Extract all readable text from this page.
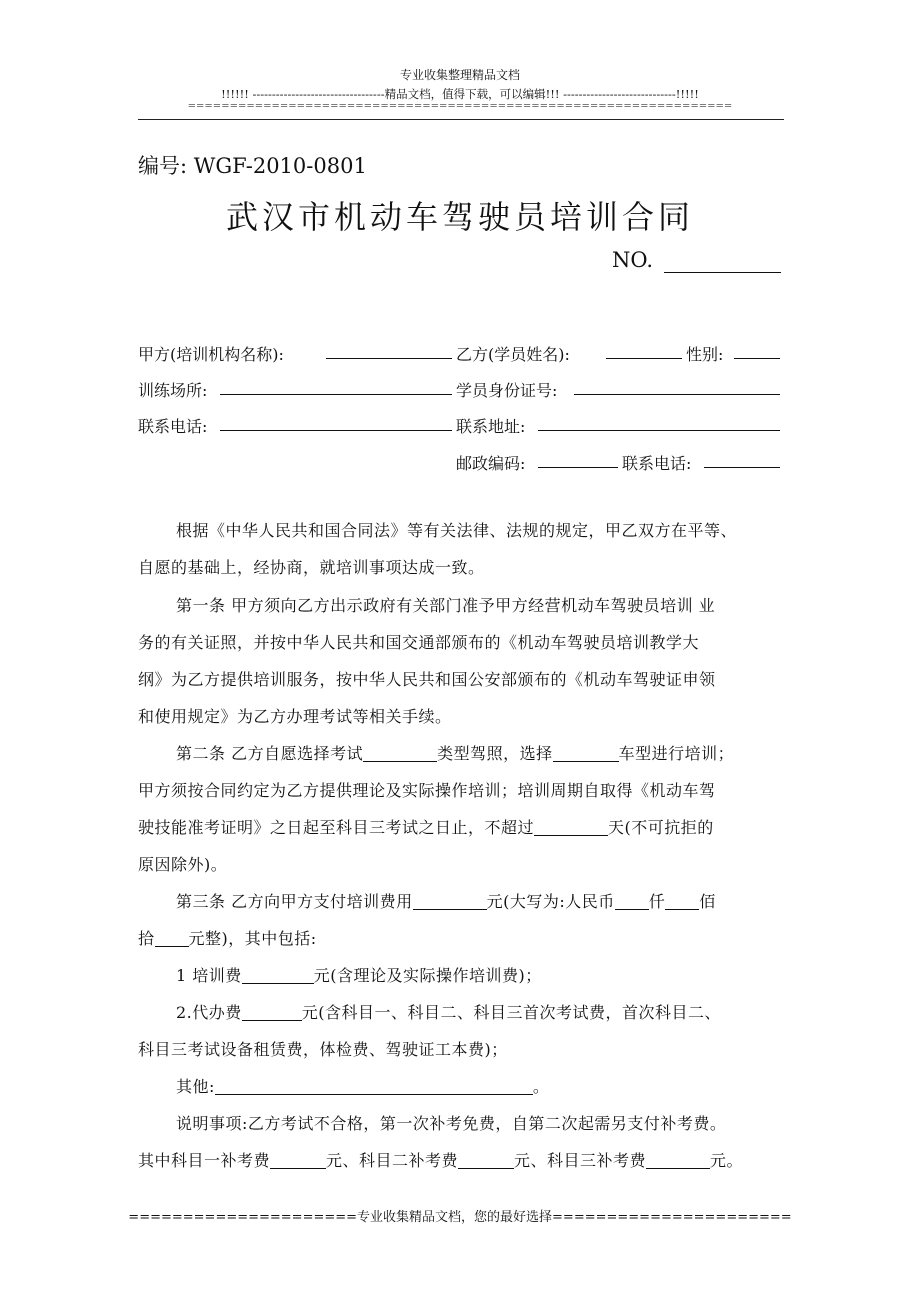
专业收集整理精品文档
!!!!!! ----------------------------------精品文档，值得下载，可以编辑!!! -----------------------------!!!!!
=================================================================
编号: WGF-2010-0801
武汉市机动车驾驶员培训合同
NO.
甲方(培训机构名称):	乙方(学员姓名):	性别:
训练场所:	学员身份证号:
联系电话:	联系地址:
邮政编码:	联系电话:
根据《中华人民共和国合同法》等有关法律、法规的规定，甲乙双方在平等、
自愿的基础上，经协商，就培训事项达成一致。
第一条 甲方须向乙方出示政府有关部门准予甲方经营机动车驾驶员培训 业
务的有关证照，并按中华人民共和国交通部颁布的《机动车驾驶员培训教学大
纲》为乙方提供培训服务，按中华人民共和国公安部颁布的《机动车驾驶证申领
和使用规定》为乙方办理考试等相关手续。
第二条 乙方自愿选择考试	类型驾照，选择	车型进行培训；
甲方须按合同约定为乙方提供理论及实际操作培训；培训周期自取得《机动车驾
驶技能准考证明》之日起至科目三考试之日止，不超过	天(不可抗拒的
原因除外)。
第三条 乙方向甲方支付培训费用	元(大写为:人民币 仟 佰
拾 元整)，其中包括:
1 培训费	元(含理论及实际操作培训费)；
2.代办费	元(含科目一、科目二、科目三首次考试费，首次科目二、
科目三考试设备租赁费，体检费、驾驶证工本费)；
其他:	。
说明事项:乙方考试不合格，第一次补考免费，自第二次起需另支付补考费。
其中科目一补考费	元、科目二补考费	元、科目三补考费	元。
=====================专业收集精品文档，您的最好选择======================
